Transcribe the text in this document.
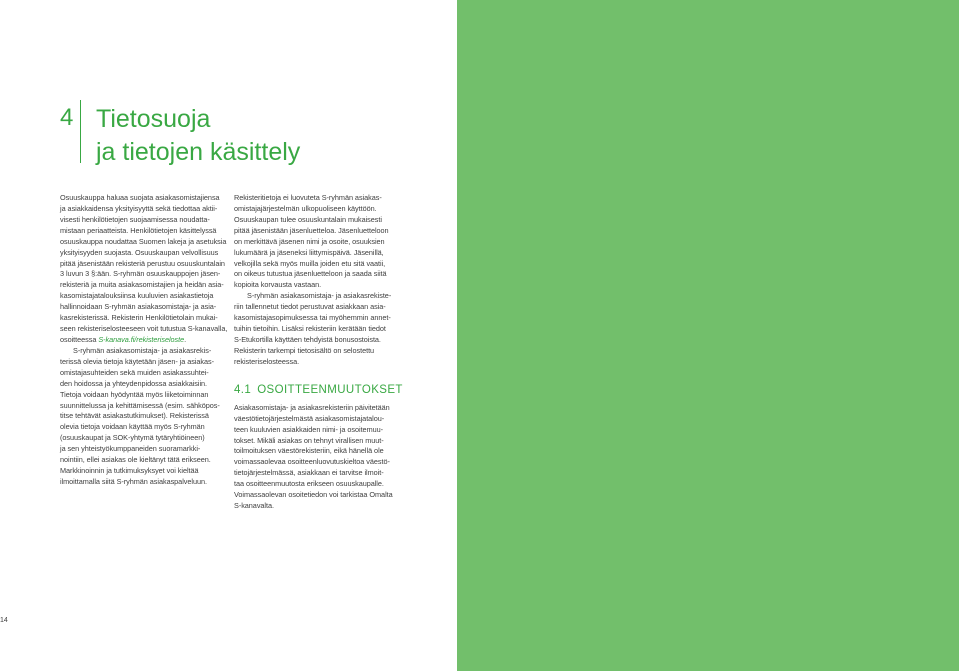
4 Tietosuoja
ja tietojen käsittely

Osuuskauppa haluaa suojata asiakasomistajiensa
ja asiakkaidensa yksityisyyttä sekä tiedottaa aktii-
visesti henkilötietojen suojaamisessa noudatta-
mistaan periaatteista. Henkilötietojen käsittelyssä
osuuskauppa noudattaa Suomen lakeja ja asetuksia
yksityisyyden suojasta. Osuuskaupan velvollisuus
pitää jäsenistään rekisteriä perustuu osuuskuntalain
3 luvun 3 §:ään. S-ryhmän osuuskauppojen jäsen-
rekisteriä ja muita asiakasomistajien ja heidän asia-
kasomistajatalouksiinsa kuuluvien asiakastietoja
hallinnoidaan S-ryhmän asiakasomistaja- ja asia-
kasrekisterissä. Rekisterin Henkilötietolain mukai-
seen rekisteriselosteeseen voit tutustua S-kanavalla,
osoitteessa S-kanava.fi/rekisteriseloste.

S-ryhmän asiakasomistaja- ja asiakasrekis-
terissä olevia tietoja käytetään jäsen- ja asiakas-
omistajasuhteiden sekä muiden asiakassuhtei-
den hoidossa ja yhteydenpidossa asiakkaisiin.
Tietoja voidaan hyödyntää myös liiketoiminnan
suunnittelussa ja kehittämisessä (esim. sähköpos-
titse tehtävät asiakastutkimukset). Rekisterissä
olevia tietoja voidaan käyttää myös S-ryhmän
(osuuskaupat ja SOK-yhtymä tytäryhtiöineen)
ja sen yhteistyökumppaneiden suoramarkki-
nointiin, ellei asiakas ole kieltänyt tätä erikseen.
Markkinoinnin ja tutkimuksyksyet voi kieltää
ilmoittamalla siitä S-ryhmän asiakaspalveluun.

Rekisteritietoja ei luovuteta S-ryhmän asiakas-
omistajajärjestelmän ulkopuoliseen käyttöön.
Osuuskaupan tulee osuuskuntalain mukaisesti
pitää jäsenistään jäsenluetteloa. Jäsenluetteloon
on merkittävä jäsenen nimi ja osoite, osuuksien
lukumäärä ja jäseneksi liittymispäivä. Jäsenillä,
velkojilla sekä myös muilla joiden etu sitä vaatii,
on oikeus tutustua jäsenluetteloon ja saada siitä
kopioita korvausta vastaan.

S-ryhmän asiakasomistaja- ja asiakasrekiste-
riin tallennetut tiedot perustuvat asiakkaan asia-
kasomistajasopimuksessa tai myöhemmin annet-
tuihin tietoihin. Lisäksi rekisteriin kerätään tiedot
S-Etukortilla käyttäen tehdyistä bonusostoista.
Rekisterin tarkempi tietosisältö on selostettu
rekisteriselosteessa.

4.1 OSOITTEENMUUTOKSET

Asiakasomistaja- ja asiakasrekisteriin päivitetään
väestötietojärjestelmästä asiakasomistajatalou-
teen kuuluvien asiakkaiden nimi- ja osoitemuu-
tokset. Mikäli asiakas on tehnyt virallisen muut-
toilmoituksen väestörekisteriin, eikä hänellä ole
voimassaolevaa osoitteenluovutuskieltoa väestö-
tietojärjestelmässä, asiakkaan ei tarvitse ilmoit-
taa osoitteenmuutosta erikseen osuuskaupalle.
Voimassaolevan osoitetiedon voi tarkistaa Omalta
S-kanavalta.

14
